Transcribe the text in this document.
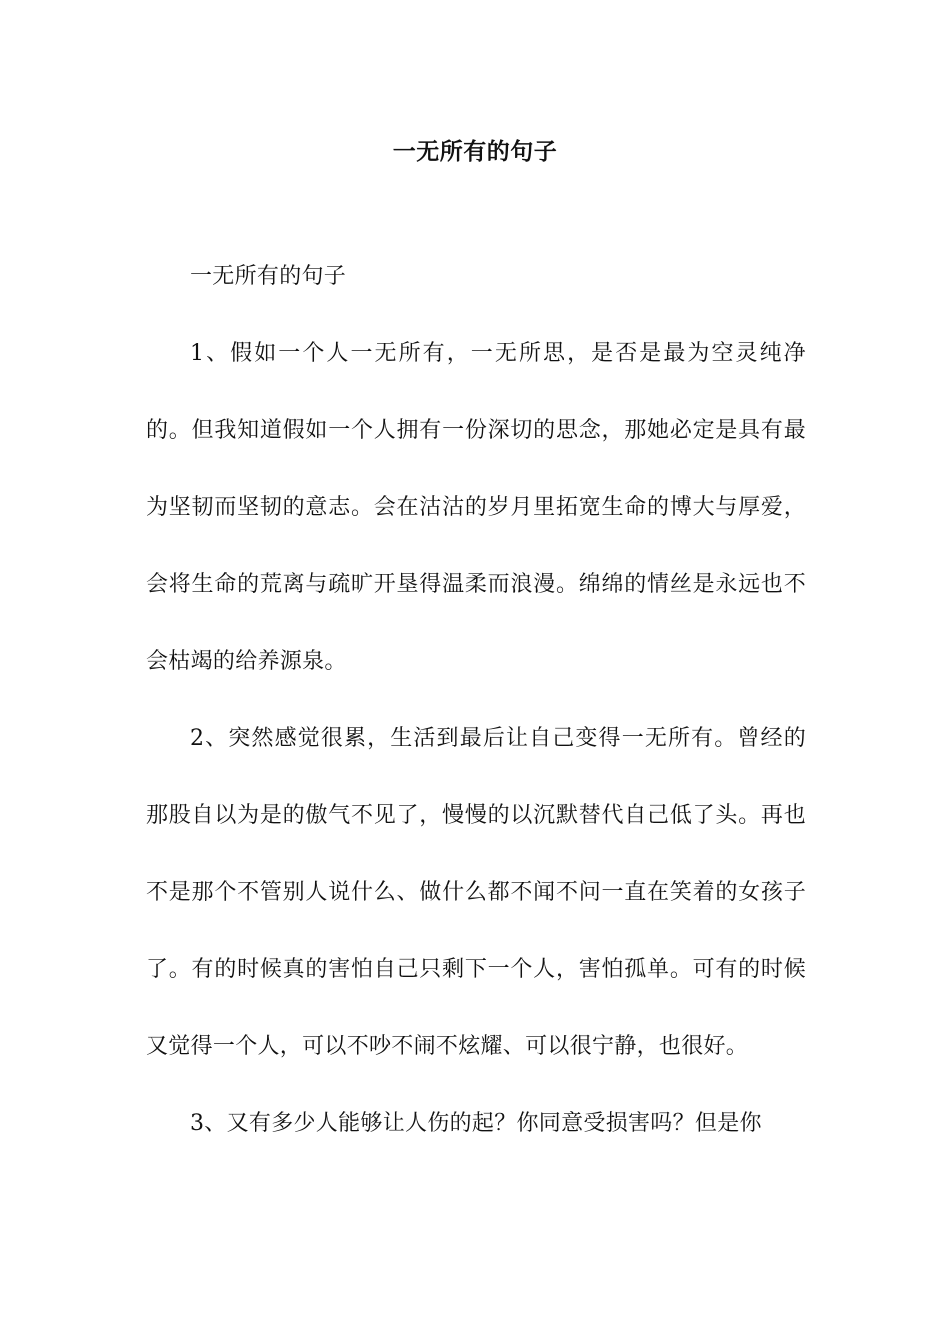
一无所有的句子

一无所有的句子

1、假如一个人一无所有，一无所思，是否是最为空灵纯净的。但我知道假如一个人拥有一份深切的思念，那她必定是具有最为坚韧而坚韧的意志。会在沽沽的岁月里拓宽生命的博大与厚爱，会将生命的荒离与疏旷开垦得温柔而浪漫。绵绵的情丝是永远也不会枯竭的给养源泉。

2、突然感觉很累，生活到最后让自己变得一无所有。曾经的那股自以为是的傲气不见了，慢慢的以沉默替代自己低了头。再也不是那个不管别人说什么、做什么都不闻不问一直在笑着的女孩子了。有的时候真的害怕自己只剩下一个人，害怕孤单。可有的时候又觉得一个人，可以不吵不闹不炫耀、可以很宁静，也很好。

3、又有多少人能够让人伤的起？你同意受损害吗？但是你
